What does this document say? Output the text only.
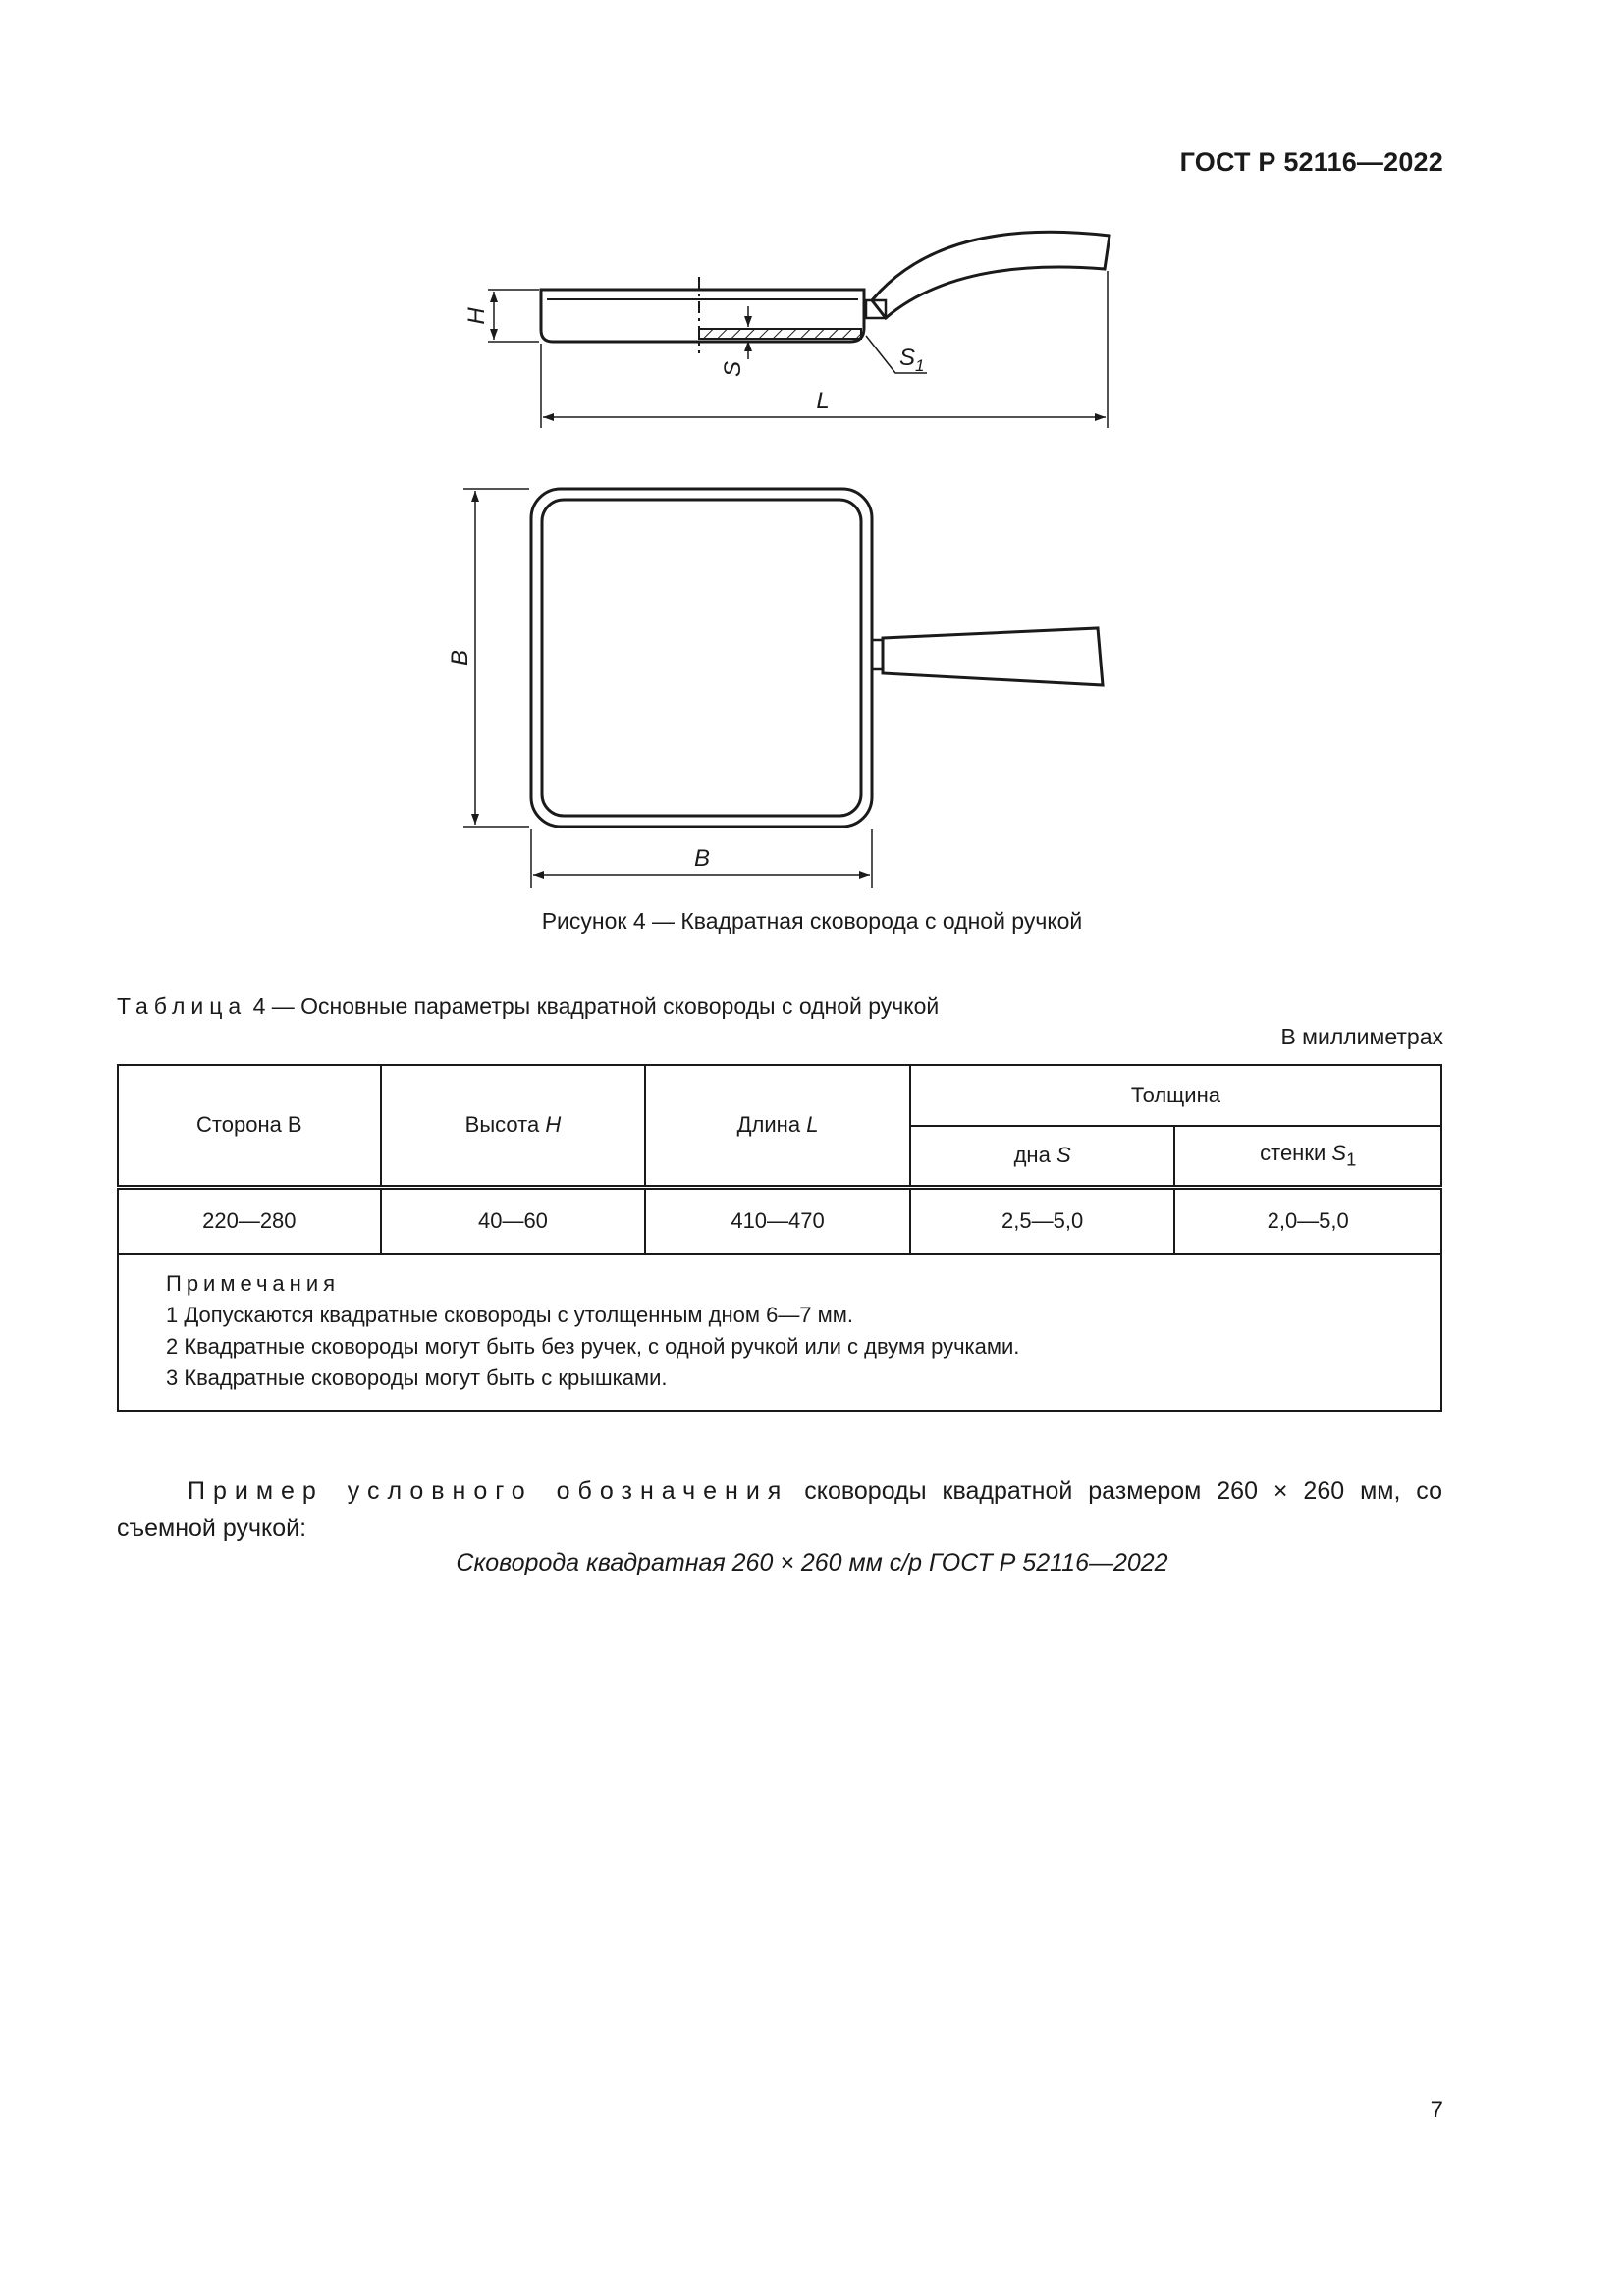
ГОСТ Р 52116—2022
H
S	$S_1$
L
B
B
Рисунок 4 — Квадратная сковорода с одной ручкой
Таблица 4 — Основные параметры квадратной сковороды с одной ручкой
В миллиметрах
Сторона B	Высота H	Длина L	Толщина	
			дна S	стенки $S_1$
220—280	40—60	410—470	2,5—5,0	2,0—5,0

Примечания
1 Допускаются квадратные сковороды с утолщенным дном 6—7 мм.
2 Квадратные сковороды могут быть без ручек, с одной ручкой или с двумя ручками.
3 Квадратные сковороды могут быть с крышками.				
Пример условного обозначения сковороды квадратной размером 260 × 260 мм, со съемной ручкой:
Сковорода квадратная 260 × 260 мм с/р ГОСТ Р 52116—2022
7
